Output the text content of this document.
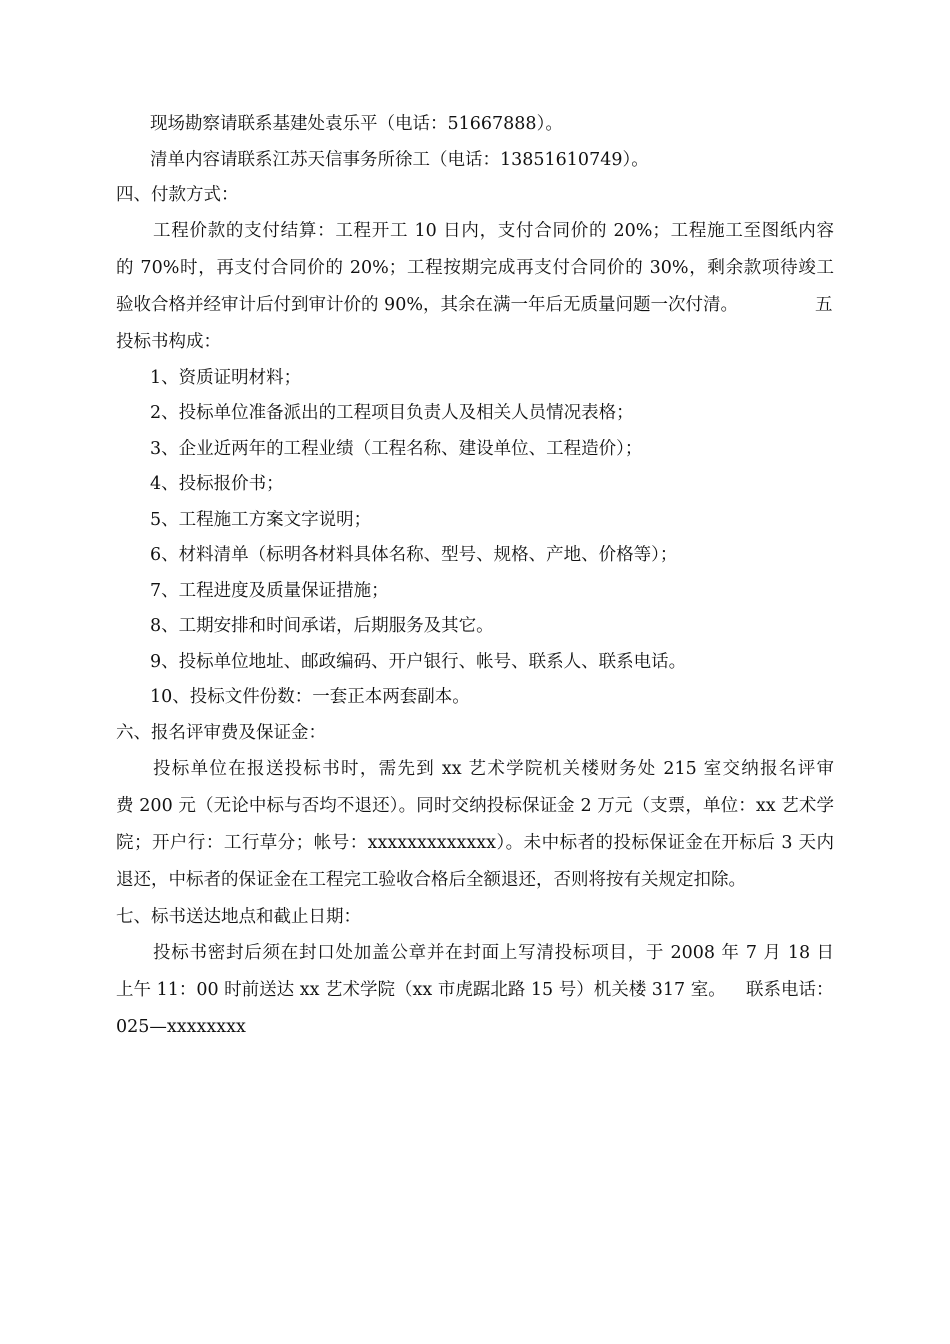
现场勘察请联系基建处袁乐平（电话：51667888）。
清单内容请联系江苏天信事务所徐工（电话：13851610749）。
四、付款方式：
工程价款的支付结算：工程开工 10 日内，支付合同价的 20%；工程施工至图纸内容
的 70%时，再支付合同价的 20%；工程按期完成再支付合同价的 30%，剩余款项待竣工
验收合格并经审计后付到审计价的 90%，其余在满一年后无质量问题一次付清。	五
投标书构成：
1、资质证明材料；
2、投标单位准备派出的工程项目负责人及相关人员情况表格；
3、企业近两年的工程业绩（工程名称、建设单位、工程造价）；
4、投标报价书；
5、工程施工方案文字说明；
6、材料清单（标明各材料具体名称、型号、规格、产地、价格等）；
7、工程进度及质量保证措施；
8、工期安排和时间承诺，后期服务及其它。
9、投标单位地址、邮政编码、开户银行、帐号、联系人、联系电话。
10、投标文件份数：一套正本两套副本。
六、报名评审费及保证金：
投标单位在报送投标书时，需先到 xx 艺术学院机关楼财务处 215 室交纳报名评审
费 200 元（无论中标与否均不退还）。同时交纳投标保证金 2 万元（支票，单位：xx 艺术学
院；开户行：工行草分；帐号：xxxxxxxxxxxxx）。未中标者的投标保证金在开标后 3 天内
退还，中标者的保证金在工程完工验收合格后全额退还，否则将按有关规定扣除。
七、标书送达地点和截止日期：
投标书密封后须在封口处加盖公章并在封面上写清投标项目，于 2008 年 7 月 18 日
上午 11：00 时前送达 xx 艺术学院（xx 市虎踞北路 15 号）机关楼 317 室。	联系电话：
025—xxxxxxxx
